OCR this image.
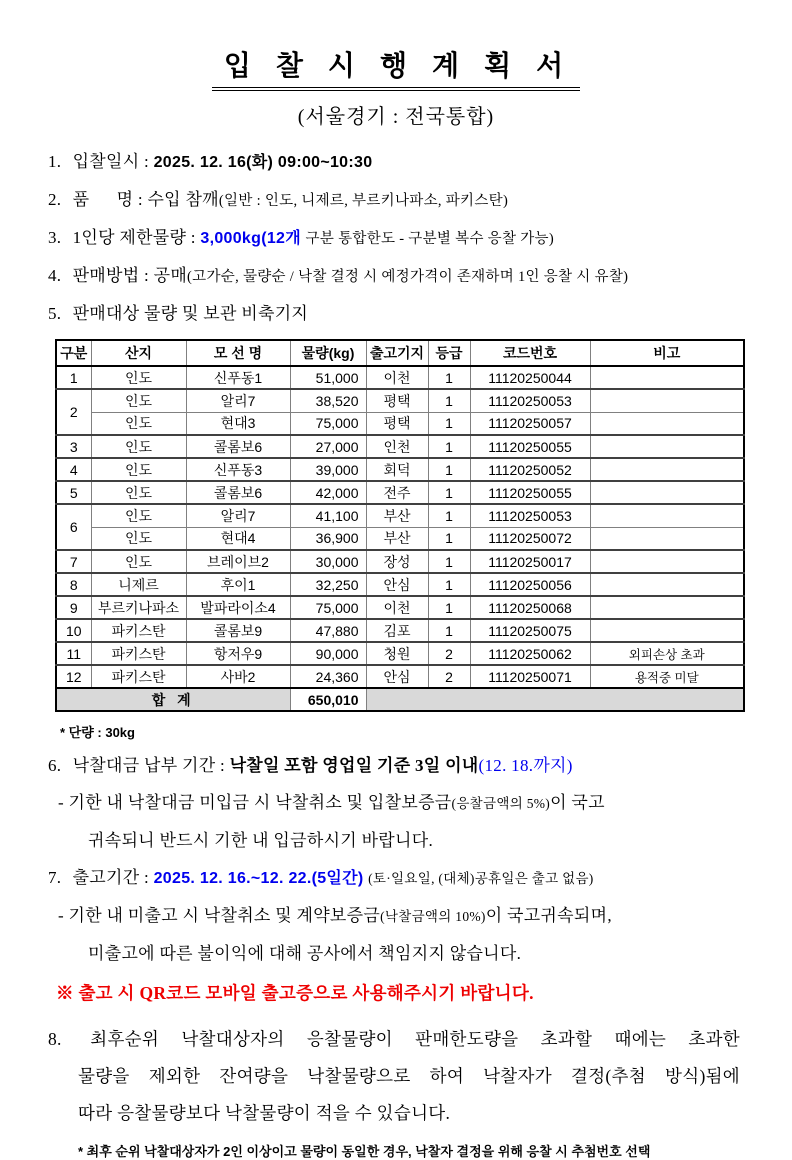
입 찰 시 행 계 획 서
(서울경기 : 전국통합)
1. 입찰일시 : 2025. 12. 16(화) 09:00~10:30
2. 품      명 : 수입 참깨(일반 : 인도, 니제르, 부르키나파소, 파키스탄)
3. 1인당 제한물량 : 3,000kg(12개 구분 통합한도 - 구분별 복수 응찰 가능)
4. 판매방법 : 공매(고가순, 물량순 / 낙찰 결정 시 예정가격이 존재하며 1인 응찰 시 유찰)
5. 판매대상 물량 및 보관 비축기지
구분	산지	모 선 명	물량(kg)	출고기지	등급	코드번호	비고
1	인도	신푸동1	51,000	이천	1	11120250044	
2	인도	알리7	38,520	평택	1	11120250053	
	인도	현대3	75,000	평택	1	11120250057	
3	인도	콜롬보6	27,000	인천	1	11120250055	
4	인도	신푸동3	39,000	회덕	1	11120250052	
5	인도	콜롬보6	42,000	전주	1	11120250055	
6	인도	알리7	41,100	부산	1	11120250053	
	인도	현대4	36,900	부산	1	11120250072	
7	인도	브레이브2	30,000	장성	1	11120250017	
8	니제르	후이1	32,250	안심	1	11120250056	
9	부르키나파소	발파라이소4	75,000	이천	1	11120250068	
10	파키스탄	콜롬보9	47,880	김포	1	11120250075	
11	파키스탄	항저우9	90,000	청원	2	11120250062	외피손상 초과
12	파키스탄	사바2	24,360	안심	2	11120250071	용적중 미달
합 계			650,010				
* 단량 : 30kg
6. 낙찰대금 납부 기간 : 낙찰일 포함 영업일 기준 3일 이내(12. 18.까지)
- 기한 내 낙찰대금 미입금 시 낙찰취소 및 입찰보증금(응찰금액의 5%)이 국고
귀속되니 반드시 기한 내 입금하시기 바랍니다.
7. 출고기간 : 2025. 12. 16.~12. 22.(5일간) (토·일요일, (대체)공휴일은 출고 없음)
- 기한 내 미출고 시 낙찰취소 및 계약보증금(낙찰금액의 10%)이 국고귀속되며,
미출고에 따른 불이익에 대해 공사에서 책임지지 않습니다.
※ 출고 시 QR코드 모바일 출고증으로 사용해주시기 바랍니다.
8. 최후순위 낙찰대상자의 응찰물량이 판매한도량을 초과할 때에는 초과한
물량을 제외한 잔여량을 낙찰물량으로 하여 낙찰자가 결정(추첨 방식)됨에
따라 응찰물량보다 낙찰물량이 적을 수 있습니다.
* 최후 순위 낙찰대상자가 2인 이상이고 물량이 동일한 경우, 낙찰자 결정을 위해 응찰 시 추첨번호 선택
